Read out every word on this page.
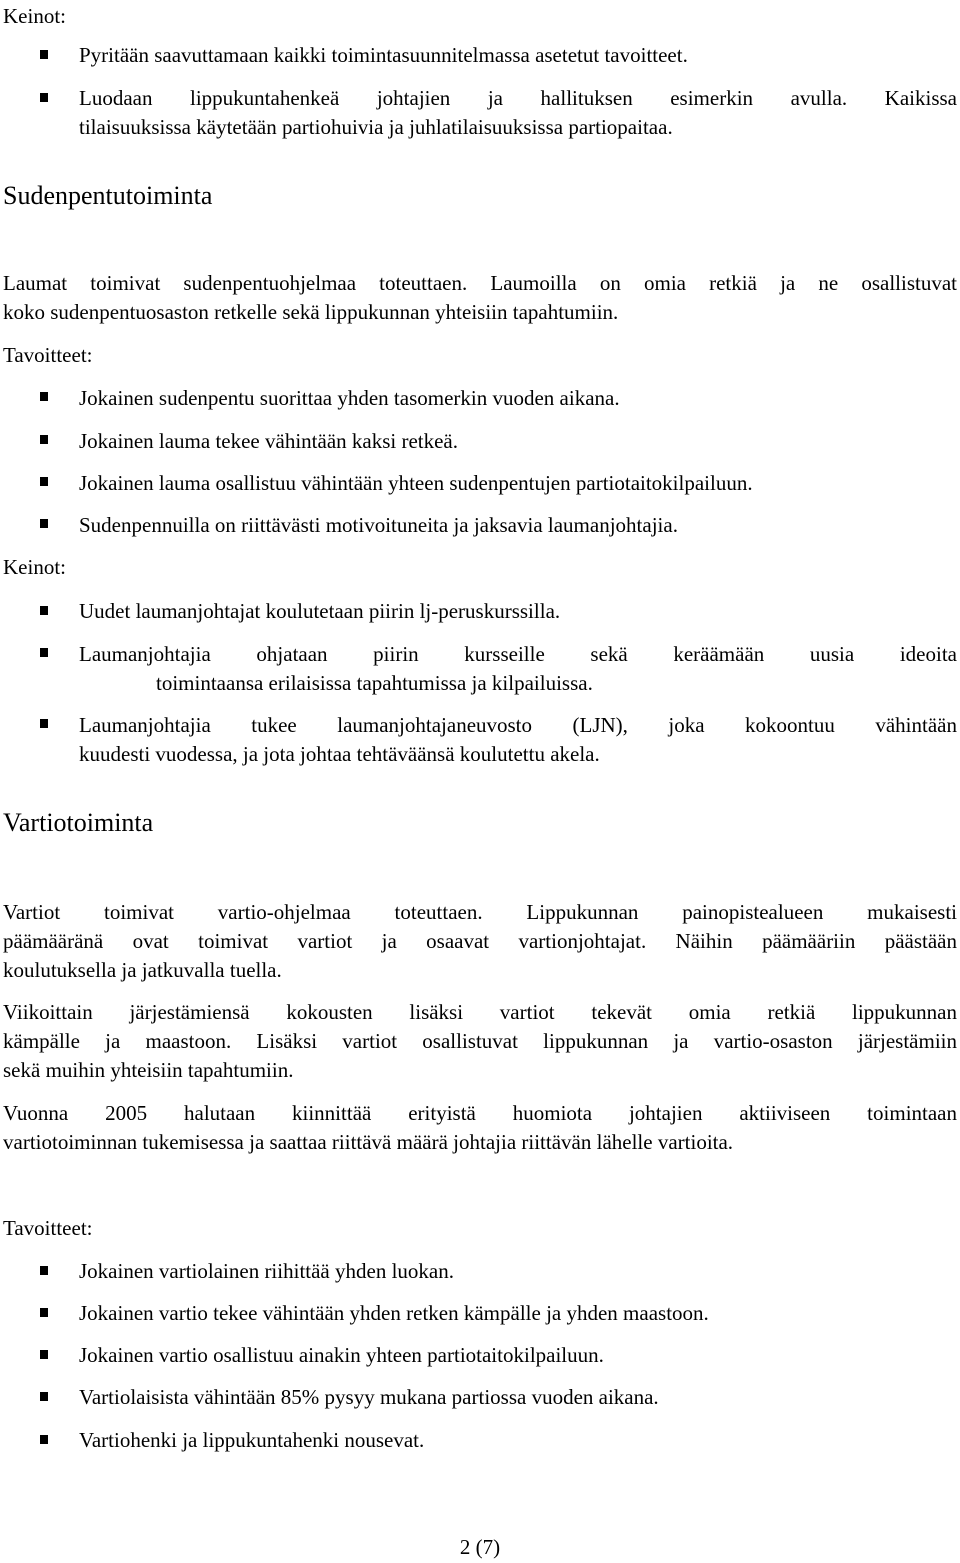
Keinot:
Pyritään saavuttamaan kaikki toimintasuunnitelmassa asetetut tavoitteet.
Luodaan lippukuntahenkeä johtajien ja hallituksen esimerkin avulla. Kaikissa
tilaisuuksissa käytetään partiohuivia ja juhlatilaisuuksissa partiopaitaa.
Sudenpentutoiminta
Laumat toimivat sudenpentuohjelmaa toteuttaen. Laumoilla on omia retkiä ja ne osallistuvat
koko sudenpentuosaston retkelle sekä lippukunnan yhteisiin tapahtumiin.
Tavoitteet:
Jokainen sudenpentu suorittaa yhden tasomerkin vuoden aikana.
Jokainen lauma tekee vähintään kaksi retkeä.
Jokainen lauma osallistuu vähintään yhteen sudenpentujen partiotaitokilpailuun.
Sudenpennuilla on riittävästi motivoituneita ja jaksavia laumanjohtajia.
Keinot:
Uudet laumanjohtajat koulutetaan piirin lj-peruskurssilla.
Laumanjohtajia ohjataan piirin kursseille sekä keräämään uusia ideoita
toimintaansa erilaisissa tapahtumissa ja kilpailuissa.
Laumanjohtajia tukee laumanjohtajaneuvosto (LJN), joka kokoontuu vähintään
kuudesti vuodessa, ja jota johtaa tehtäväänsä koulutettu akela.
Vartiotoiminta
Vartiot toimivat vartio-ohjelmaa toteuttaen. Lippukunnan painopistealueen mukaisesti
päämääränä ovat toimivat vartiot ja osaavat vartionjohtajat. Näihin päämääriin päästään
koulutuksella ja jatkuvalla tuella.
Viikoittain järjestämiensä kokousten lisäksi vartiot tekevät omia retkiä lippukunnan
kämpälle ja maastoon. Lisäksi vartiot osallistuvat lippukunnan ja vartio-osaston järjestämiin
sekä muihin yhteisiin tapahtumiin.
Vuonna 2005 halutaan kiinnittää erityistä huomiota johtajien aktiiviseen toimintaan
vartiotoiminnan tukemisessa ja saattaa riittävä määrä johtajia riittävän lähelle vartioita.
Tavoitteet:
Jokainen vartiolainen riihittää yhden luokan.
Jokainen vartio tekee vähintään yhden retken kämpälle ja yhden maastoon.
Jokainen vartio osallistuu ainakin yhteen partiotaitokilpailuun.
Vartiolaisista vähintään 85% pysyy mukana partiossa vuoden aikana.
Vartiohenki ja lippukuntahenki nousevat.
2 (7)
